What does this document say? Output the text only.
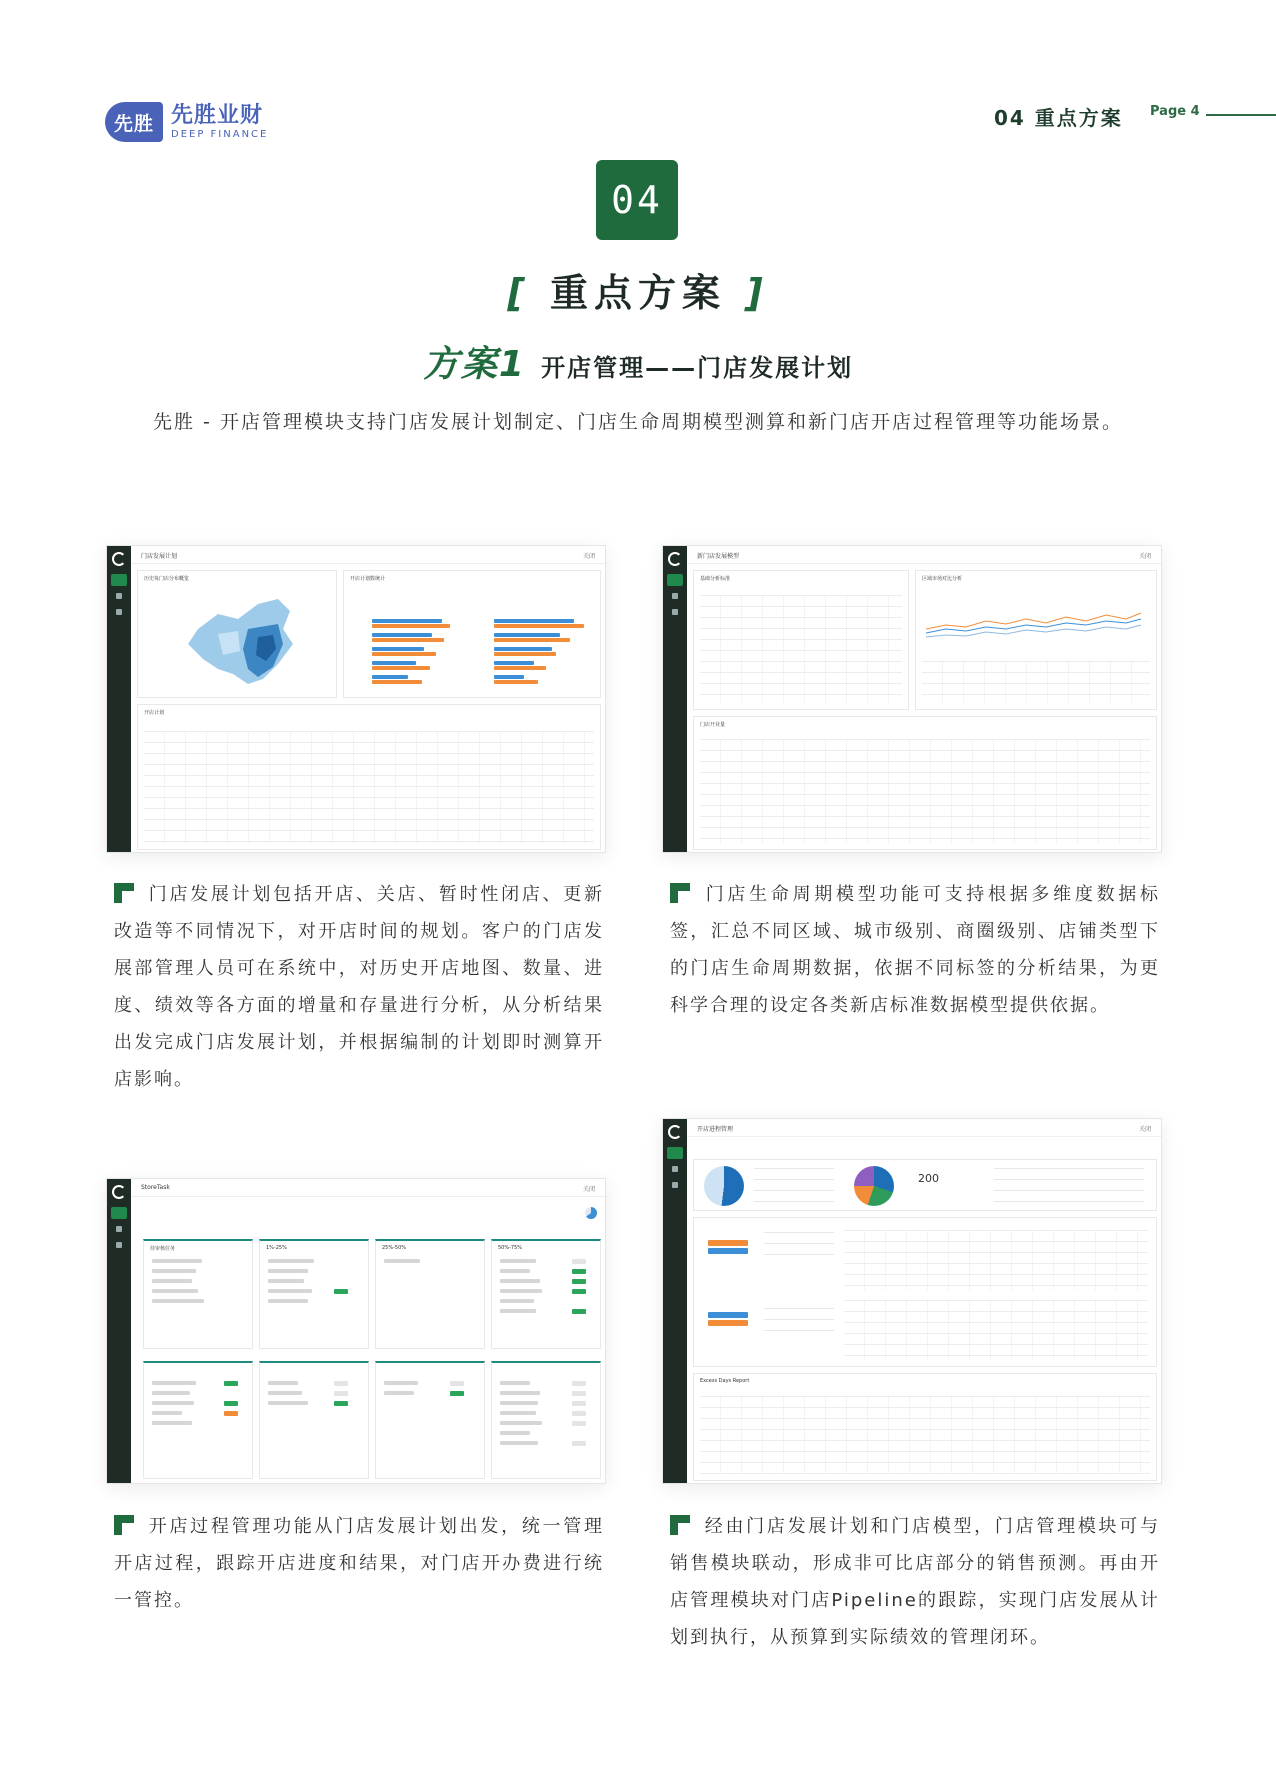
先胜 先胜业财
DEEP FINANCE
04 重点方案 Page 4
04
[ 重点方案 ]
方案1 开店管理——门店发展计划
先胜 - 开店管理模块支持门店发展计划制定、门店生命周期模型测算和新门店开店过程管理等功能场景。
门店发展计划	关闭
历史每门店分布概览	开店计划数统计
开店计划
新门店发展模型	关闭
基础分析标准	区域市场对比分析
门店开业量
门店发展计划包括开店、关店、暂时性闭店、更新改造等不同情况下，对开店时间的规划。客户的门店发展部管理人员可在系统中，对历史开店地图、数量、进度、绩效等各方面的增量和存量进行分析，从分析结果出发完成门店发展计划，并根据编制的计划即时测算开店影响。
门店生命周期模型功能可支持根据多维度数据标签，汇总不同区域、城市级别、商圈级别、店铺类型下的门店生命周期数据，依据不同标签的分析结果，为更科学合理的设定各类新店标准数据模型提供依据。
StoreTask	关闭
待审核任务	1%-25%	25%-50%	50%-75%
开店进程管理	关闭
200
Excess Days Report
开店过程管理功能从门店发展计划出发，统一管理开店过程，跟踪开店进度和结果，对门店开办费进行统一管控。
经由门店发展计划和门店模型，门店管理模块可与销售模块联动，形成非可比店部分的销售预测。再由开店管理模块对门店Pipeline的跟踪，实现门店发展从计划到执行，从预算到实际绩效的管理闭环。
